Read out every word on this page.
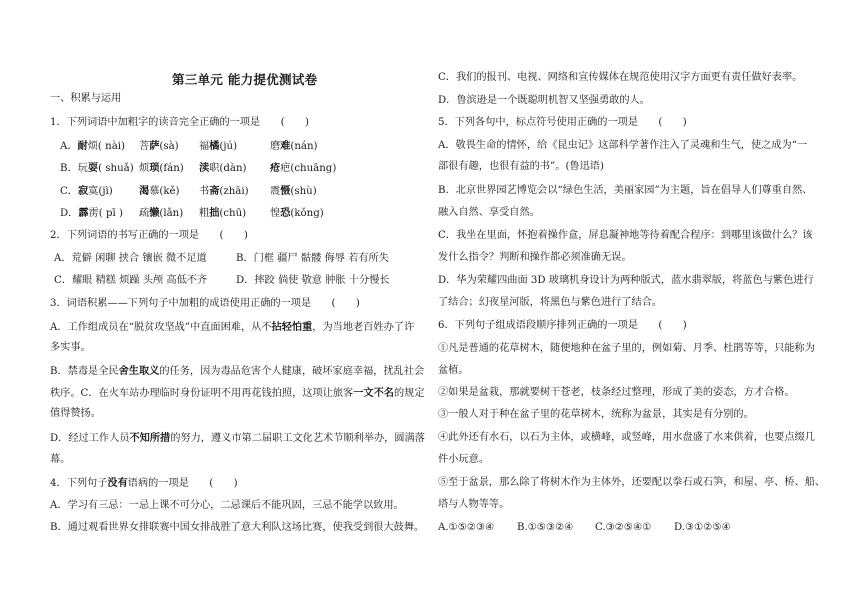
第三单元 能力提优测试卷
一、积累与运用
1．下列词语中加粗字的读音完全正确的一项是　　(　　)
A．耐烦( nài) 菩萨(sà) 福橘(jú)	磨难(nán)
B．玩耍( shuǎ) 烦琐(fán) 渎职(dàn) 疮疤(chuāng)
C．寂寞(jì)	渴慕(kě) 书斋(zhāi) 震慑(shù)
D．霹雳( pī ) 疏懒(lǎn) 粗拙(chū) 惶恐(kǒng)
2．下列词语的书写正确的一项是　　(　　)
A．荒僻 闲聊 挟合 镶嵌 微不足道	B．门框 疆尸 骷髅 侮辱 若有所失
C．耀眼 精糕 烦躁 头颅 高低不齐	D．摔跤 倘使 敬意 肿胀 十分慢长
3．词语积累——下列句子中加粗的成语使用正确的一项是　　(　　)
A．工作组成员在“脱贫攻坚战”中直面困难，从不拈轻怕重，为当地老百姓办了许
多实事。
B．禁毒是全民舍生取义的任务，因为毒品危害个人健康，破坏家庭幸福，扰乱社会
秩序。C．在火车站办理临时身份证明不用再花钱拍照，这项让旅客一文不名的规定
值得赞扬。
D．经过工作人员不知所措的努力，遵义市第二届职工文化艺术节顺利举办，圆满落
幕。
4．下列句子没有语病的一项是　　(　　)
A．学习有三忌：一忌上课不可分心，二忌课后不能巩固，三忌不能学以致用。
B．通过观看世界女排联赛中国女排战胜了意大利队这场比赛，使我受到很大鼓舞。
C．我们的报刊、电视、网络和宣传媒体在规范使用汉字方面更有责任做好表率。
D．鲁滨逊是一个既聪明机智又坚强勇敢的人。
5．下列各句中，标点符号使用正确的一项是　　(　　)
A．敬畏生命的情怀，给《昆虫记》这部科学著作注入了灵魂和生气，使之成为“一
部很有趣，也很有益的书”。(鲁迅语)
B．北京世界园艺博览会以“绿色生活，美丽家园”为主题，旨在倡导人们尊重自然、
融入自然、享受自然。
C．我坐在里面，怀抱着操作盒，屏息凝神地等待着配合程序：到哪里该做什么？该
发什么指令？判断和操作都必须准确无误。
D．华为荣耀四曲面 3D 玻璃机身设计为两种版式，蓝水翡翠版，将蓝色与紫色进行
了结合；幻夜星河版，将黑色与紫色进行了结合。
6．下列句子组成语段顺序排列正确的一项是　　(　　)
①凡是普通的花草树木，随便地种在盆子里的，例如菊、月季、杜鹃等等，只能称为
盆植。
②如果是盆栽，那就要树干苍老，枝条经过整理，形成了美的姿态，方才合格。
③一般人对于种在盆子里的花草树木，统称为盆景，其实是有分别的。
④此外还有水石，以石为主体，或横峰，或竖峰，用水盘盛了水来供着，也要点缀几
件小玩意。
⑤至于盆景，那么除了将树木作为主体外，还要配以拳石或石笋，和屋、亭、桥、船、
塔与人物等等。
A.①⑤②③④ B.①⑤③②④ C.③②⑤④① D.③①②⑤④
